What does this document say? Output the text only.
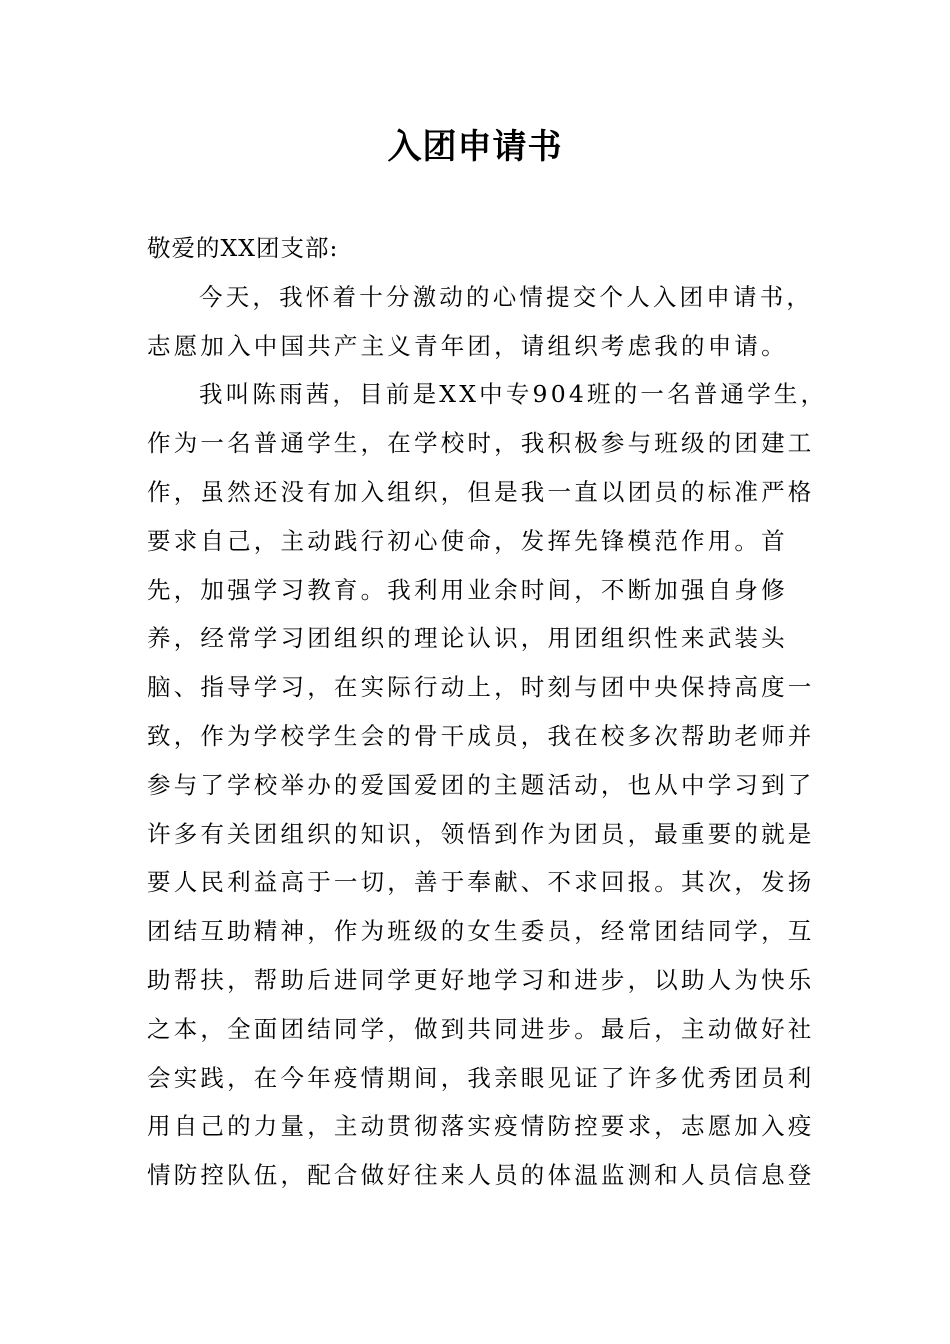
入团申请书
敬爱的XX团支部:
今天，我怀着十分激动的心情提交个人入团申请书，
志愿加入中国共产主义青年团，请组织考虑我的申请。
我叫陈雨茜，目前是XX中专904班的一名普通学生，
作为一名普通学生，在学校时，我积极参与班级的团建工
作，虽然还没有加入组织，但是我一直以团员的标准严格
要求自己，主动践行初心使命，发挥先锋模范作用。首
先，加强学习教育。我利用业余时间，不断加强自身修
养，经常学习团组织的理论认识，用团组织性来武装头
脑、指导学习，在实际行动上，时刻与团中央保持高度一
致，作为学校学生会的骨干成员，我在校多次帮助老师并
参与了学校举办的爱国爱团的主题活动，也从中学习到了
许多有关团组织的知识，领悟到作为团员，最重要的就是
要人民利益高于一切，善于奉献、不求回报。其次，发扬
团结互助精神，作为班级的女生委员，经常团结同学，互
助帮扶，帮助后进同学更好地学习和进步，以助人为快乐
之本，全面团结同学，做到共同进步。最后，主动做好社
会实践，在今年疫情期间，我亲眼见证了许多优秀团员利
用自己的力量，主动贯彻落实疫情防控要求，志愿加入疫
情防控队伍，配合做好往来人员的体温监测和人员信息登
